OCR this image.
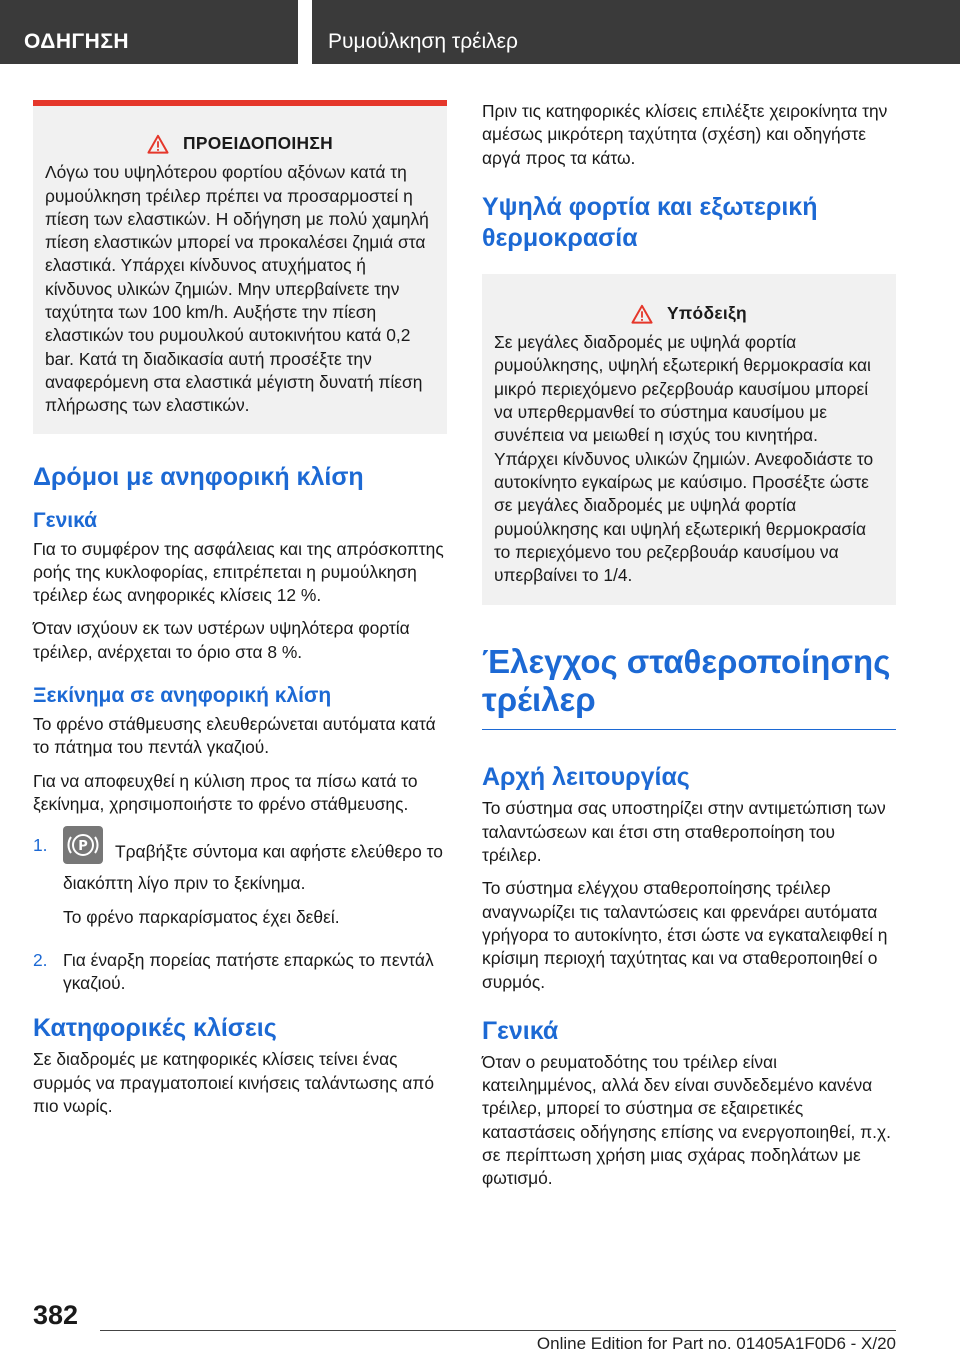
ΟΔΗΓΗΣΗ	Ρυμούλκηση τρέιλερ
ΠΡΟΕΙΔΟΠΟΙΗΣΗ

Λόγω του υψηλότερου φορτίου αξόνων κατά τη ρυμούλκηση τρέιλερ πρέπει να προσαρμοστεί η πίεση των ελαστικών. Η οδήγηση με πολύ χαμηλή πίεση ελαστικών μπορεί να προκαλέσει ζημιά στα ελαστικά. Υπάρχει κίνδυνος ατυχήματος ή κίνδυνος υλικών ζημιών. Μην υπερβαίνετε την ταχύτητα των 100 km/h. Αυξήστε την πίεση ελαστικών του ρυμουλκού αυτοκινήτου κατά 0,2 bar. Κατά τη διαδικασία αυτή προσέξτε την αναφερόμενη στα ελαστικά μέγιστη δυνατή πίεση πλήρωσης των ελαστικών.

Δρόμοι με ανηφορική κλίση
Γενικά

Για το συμφέρον της ασφάλειας και της απρόσκοπτης ροής της κυκλοφορίας, επιτρέπεται η ρυμούλκηση τρέιλερ έως ανηφορικές κλίσεις 12 %.

Όταν ισχύουν εκ των υστέρων υψηλότερα φορτία τρέιλερ, ανέρχεται το όριο στα 8 %.

Ξεκίνημα σε ανηφορική κλίση

Το φρένο στάθμευσης ελευθερώνεται αυτόματα κατά το πάτημα του πεντάλ γκαζιού.

Για να αποφευχθεί η κύλιση προς τα πίσω κατά το ξεκίνημα, χρησιμοποιήστε το φρένο στάθμευσης.

1.	P Τραβήξτε σύντομα και αφήστε ελεύθερο το διακόπτη λίγο πριν το ξεκίνημα.

Το φρένο παρκαρίσματος έχει δεθεί.

2. Για έναρξη πορείας πατήστε επαρκώς το πεντάλ γκαζιού.
Κατηφορικές κλίσεις

Σε διαδρομές με κατηφορικές κλίσεις τείνει ένας συρμός να πραγματοποιεί κινήσεις ταλάντωσης από πιο νωρίς.

Πριν τις κατηφορικές κλίσεις επιλέξτε χειροκίνητα την αμέσως μικρότερη ταχύτητα (σχέση) και οδηγήστε αργά προς τα κάτω.

Υψηλά φορτία και εξωτερική θερμοκρασία
Υπόδειξη

Σε μεγάλες διαδρομές με υψηλά φορτία ρυμούλκησης, υψηλή εξωτερική θερμοκρασία και μικρό περιεχόμενο ρεζερβουάρ καυσίμου μπορεί να υπερθερμανθεί το σύστημα καυσίμου με συνέπεια να μειωθεί η ισχύς του κινητήρα. Υπάρχει κίνδυνος υλικών ζημιών. Ανεφοδιάστε το αυτοκίνητο εγκαίρως με καύσιμο. Προσέξτε ώστε σε μεγάλες διαδρομές με υψηλά φορτία ρυμούλκησης και υψηλή εξωτερική θερμοκρασία το περιεχόμενο του ρεζερβουάρ καυσίμου να υπερβαίνει το 1/4.

Έλεγχος σταθεροποίησης τρέιλερ
Αρχή λειτουργίας

Το σύστημα σας υποστηρίζει στην αντιμετώπιση των ταλαντώσεων και έτσι στη σταθεροποίηση του τρέιλερ.

Το σύστημα ελέγχου σταθεροποίησης τρέιλερ αναγνωρίζει τις ταλαντώσεις και φρενάρει αυτόματα γρήγορα το αυτοκίνητο, έτσι ώστε να εγκαταλειφθεί η κρίσιμη περιοχή ταχύτητας και να σταθεροποιηθεί ο συρμός.

Γενικά

Όταν ο ρευματοδότης του τρέιλερ είναι κατειλημμένος, αλλά δεν είναι συνδεδεμένο κανένα τρέιλερ, μπορεί το σύστημα σε εξαιρετικές καταστάσεις οδήγησης επίσης να ενεργοποιηθεί, π.χ. σε περίπτωση χρήση μιας σχάρας ποδηλάτων με φωτισμό.

382
Online Edition for Part no. 01405A1F0D6 - X/20
